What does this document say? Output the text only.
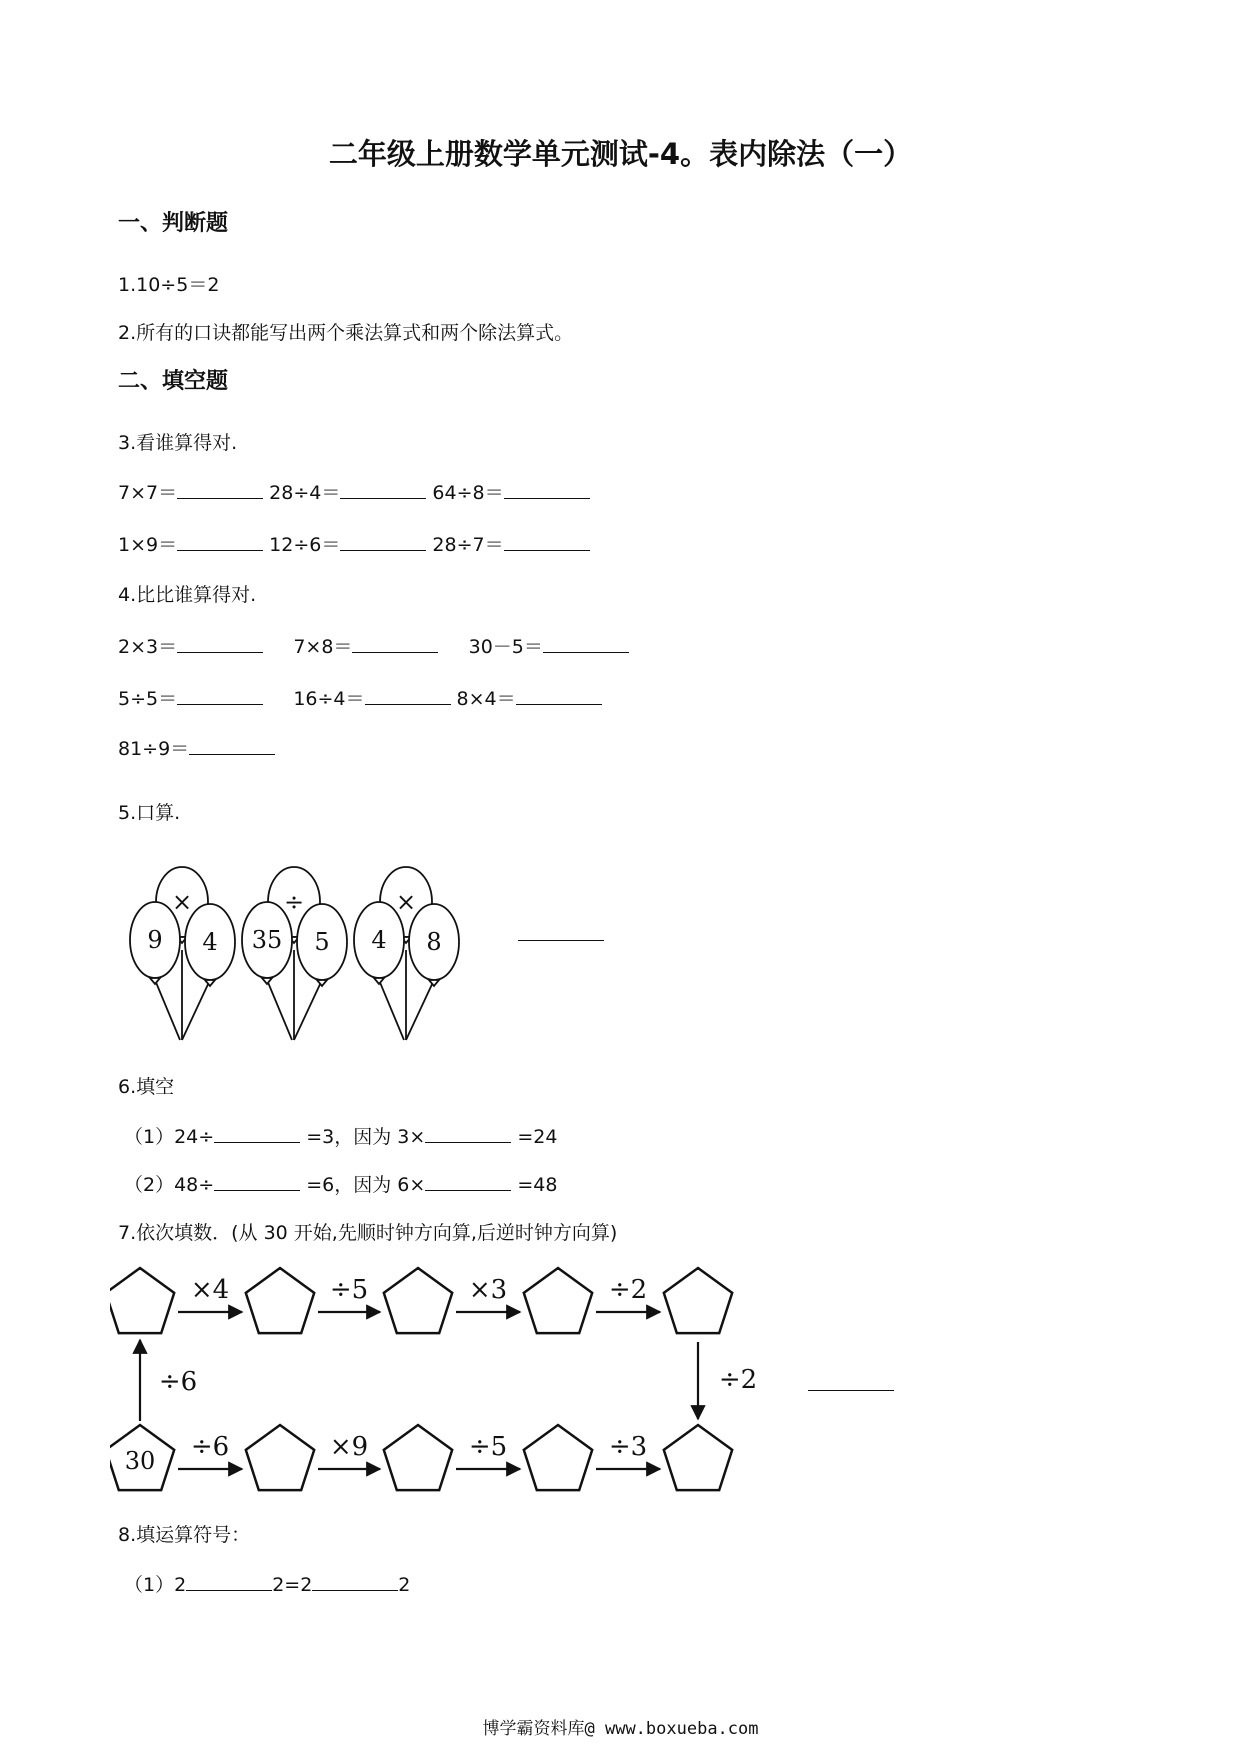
二年级上册数学单元测试-4。表内除法（一）
一、判断题
1.10÷5＝2
2.所有的口诀都能写出两个乘法算式和两个除法算式。
二、填空题
3.看谁算得对.
7×7＝	28÷4＝	64÷8＝
1×9＝	12÷6＝	28÷7＝
4.比比谁算得对.
2×3＝	7×8＝	30－5＝
5÷5＝	16÷4＝	8×4＝
81÷9＝
5.口算.
×
9 4
÷
35 5
×
4 8
6.填空
（1）24÷	=3，因为 3×	=24
（2）48÷	=6，因为 6×	=48
7.依次填数．(从 30 开始,先顺时钟方向算,后逆时钟方向算)
30
×4
÷6
÷5
×9
×3
÷5
÷2
÷3
÷6	÷2
8.填运算符号：
（1）2	2=2	2
博学霸资料库@ www.boxueba.com
